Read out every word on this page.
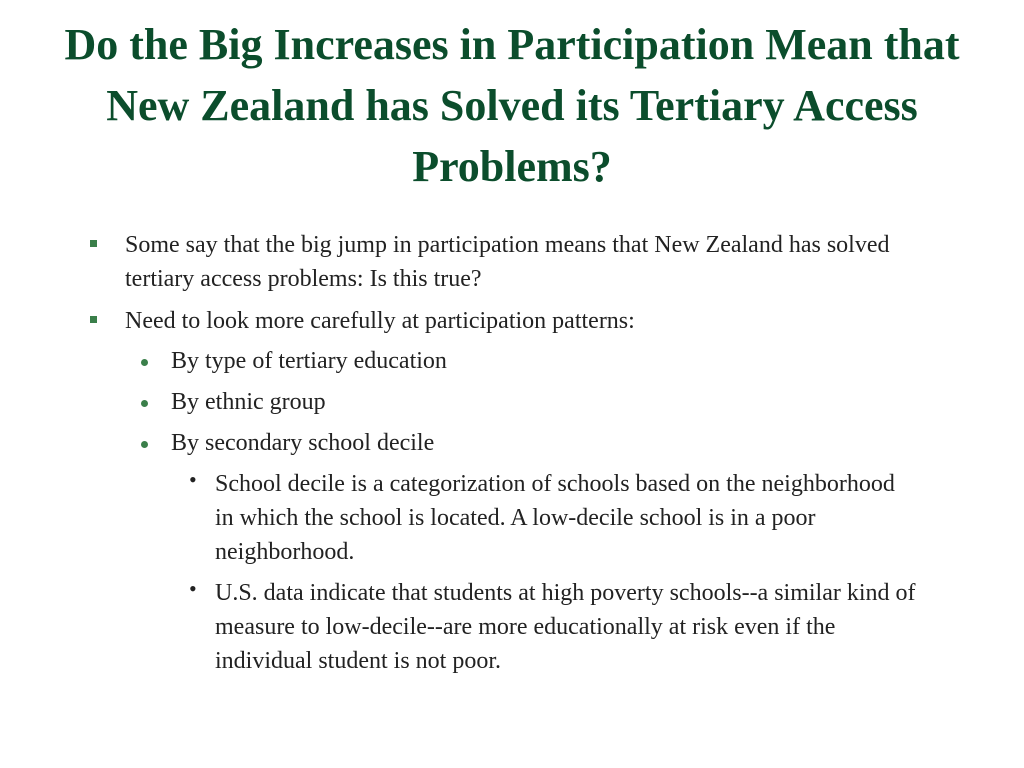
Do the Big Increases in Participation Mean that New Zealand has Solved its Tertiary Access Problems?
Some say that the big jump in participation means that New Zealand has solved tertiary access problems: Is this true?
Need to look more carefully at participation patterns:
By type of tertiary education
By ethnic group
By secondary school decile
• School decile is a categorization of schools based on the neighborhood in which the school is located. A low-decile school is in a poor neighborhood.
• U.S. data indicate that students at high poverty schools--a similar kind of measure to low-decile--are more educationally at risk even if the individual student is not poor.
